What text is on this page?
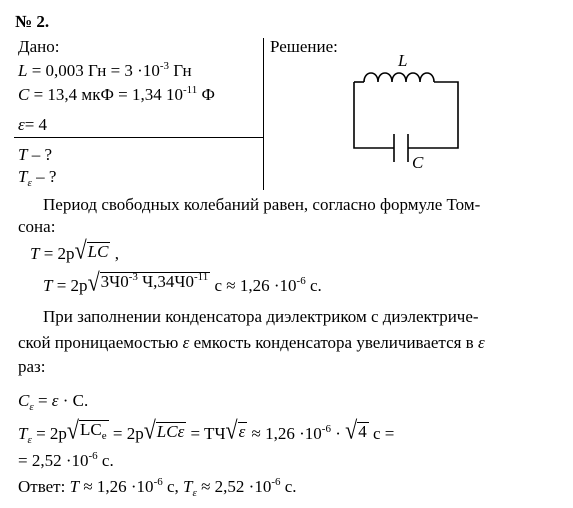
№ 2.
Дано:
L = 0,003 Гн = $3 \cdot 10^{-3}$ Гн
C = 13,4 мкФ = 1,34 $10^{-11}$ Ф
ε= 4
T – ?
$T_\varepsilon$ – ?
Решение:
L
C
Период свободных колебаний равен, согласно формуле Том-
сона:
T = 2p √ LC ,
T = 2p √ $3Ч0^{-3}$ $Ч,34Ч0^{-11}$ $c \approx 1,26 \cdot 10^{-6}$ с.
При заполнении конденсатора диэлектриком с диэлектриче-
ской проницаемостью ε емкость конденсатора увеличивается в ε
раз:
$C_\varepsilon = \varepsilon \cdot C$.
$T_\varepsilon = 2p$ √ $LC_e = 2p$ √ LCε = TЧ √ $\varepsilon \approx 1,26 \cdot 10^{-6}$ · √ 4 с =
= $2,52 \cdot 10^{-6}$ с.
Ответ: $T \approx 1,26 \cdot 10^{-6}$ с, $T_\varepsilon \approx 2,52 \cdot 10^{-6}$ с.
